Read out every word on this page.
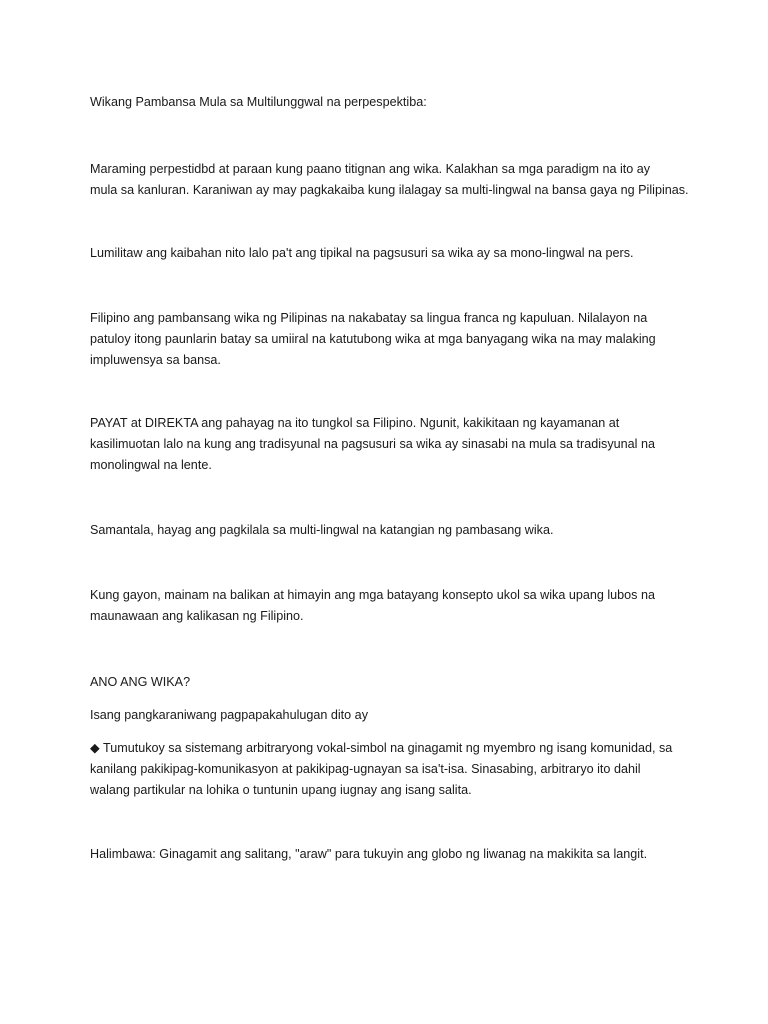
Wikang Pambansa Mula sa Multilunggwal na perpespektiba:
Maraming perpestidbd at paraan kung paano titignan ang wika. Kalakhan sa mga paradigm na ito ay
mula sa kanluran. Karaniwan ay may pagkakaiba kung ilalagay sa multi-lingwal na bansa gaya ng Pilipinas.
Lumilitaw ang kaibahan nito lalo pa't ang tipikal na pagsusuri sa wika ay sa mono-lingwal na pers.
Filipino ang pambansang wika ng Pilipinas na nakabatay sa lingua franca ng kapuluan. Nilalayon na
patuloy itong paunlarin batay sa umiiral na katutubong wika at mga banyagang wika na may malaking
impluwensya sa bansa.
PAYAT at DIREKTA ang pahayag na ito tungkol sa Filipino. Ngunit, kakikitaan ng kayamanan at
kasilimuotan lalo na kung ang tradisyunal na pagsusuri sa wika ay sinasabi na mula sa tradisyunal na
monolingwal na lente.
Samantala, hayag ang pagkilala sa multi-lingwal na katangian ng pambasang wika.
Kung gayon, mainam na balikan at himayin ang mga batayang konsepto ukol sa wika upang lubos na
maunawaan ang kalikasan ng Filipino.
ANO ANG WIKA?
Isang pangkaraniwang pagpapakahulugan dito ay
◆ Tumutukoy sa sistemang arbitraryong vokal-simbol na ginagamit ng myembro ng isang komunidad, sa
kanilang pakikipag-komunikasyon at pakikipag-ugnayan sa isa't-isa. Sinasabing, arbitraryo ito dahil
walang partikular na lohika o tuntunin upang iugnay ang isang salita.
Halimbawa: Ginagamit ang salitang, "araw" para tukuyin ang globo ng liwanag na makikita sa langit.
